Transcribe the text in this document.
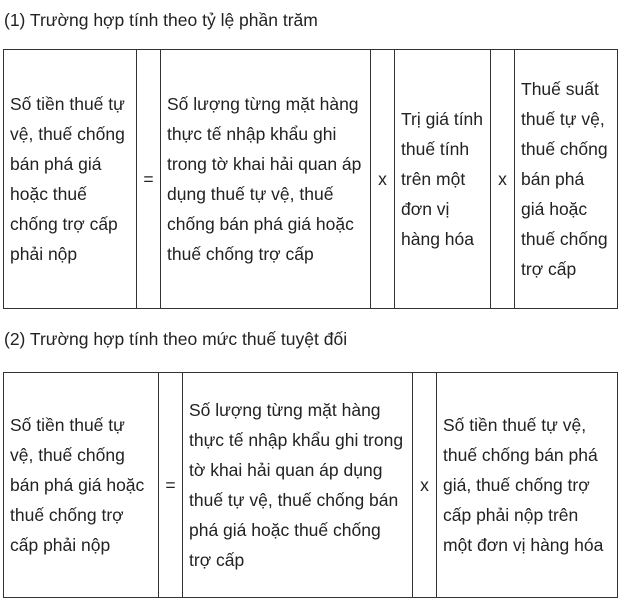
(1) Trường hợp tính theo tỷ lệ phần trăm

Số tiền thuế tự vệ, thuế chống bán phá giá hoặc thuế chống trợ cấp phải nộp	=	Số lượng từng mặt hàng thực tế nhập khẩu ghi trong tờ khai hải quan áp dụng thuế tự vệ, thuế chống bán phá giá hoặc thuế chống trợ cấp	x	Trị giá tính thuế tính trên một đơn vị hàng hóa	x	Thuế suất thuế tự vệ, thuế chống bán phá giá hoặc thuế chống trợ cấp

(2) Trường hợp tính theo mức thuế tuyệt đối

Số tiền thuế tự vệ, thuế chống bán phá giá hoặc thuế chống trợ cấp phải nộp	=	Số lượng từng mặt hàng thực tế nhập khẩu ghi trong tờ khai hải quan áp dụng thuế tự vệ, thuế chống bán phá giá hoặc thuế chống trợ cấp	x	Số tiền thuế tự vệ, thuế chống bán phá giá, thuế chống trợ cấp phải nộp trên một đơn vị hàng hóa
